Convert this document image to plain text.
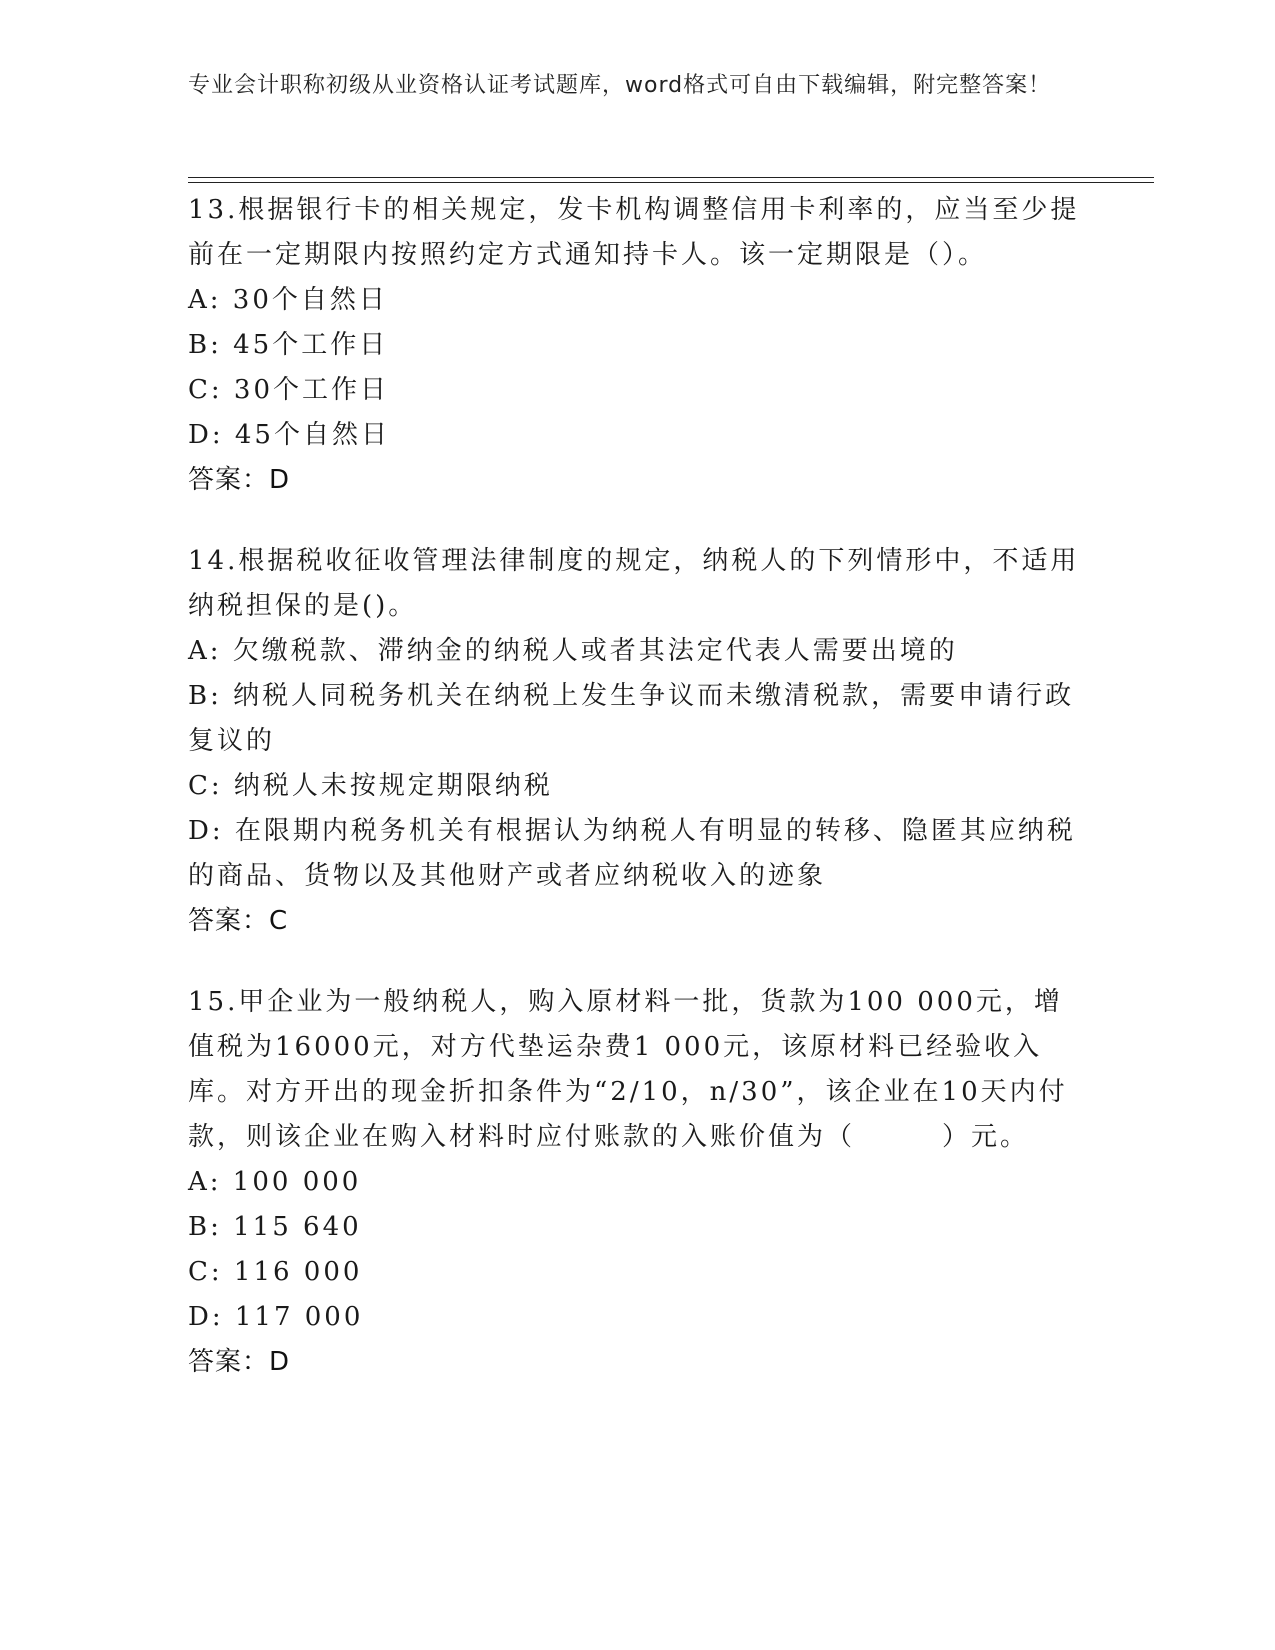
专业会计职称初级从业资格认证考试题库，word格式可自由下载编辑，附完整答案！
13.根据银行卡的相关规定，发卡机构调整信用卡利率的，应当至少提前在一定期限内按照约定方式通知持卡人。该一定期限是（）。
A: 30个自然日
B: 45个工作日
C: 30个工作日
D: 45个自然日
答案：D
14.根据税收征收管理法律制度的规定，纳税人的下列情形中，不适用纳税担保的是()。
A: 欠缴税款、滞纳金的纳税人或者其法定代表人需要出境的
B: 纳税人同税务机关在纳税上发生争议而未缴清税款，需要申请行政复议的
C: 纳税人未按规定期限纳税
D: 在限期内税务机关有根据认为纳税人有明显的转移、隐匿其应纳税的商品、货物以及其他财产或者应纳税收入的迹象
答案：C
15.甲企业为一般纳税人，购入原材料一批，货款为100 000元，增值税为16000元，对方代垫运杂费1 000元，该原材料已经验收入库。对方开出的现金折扣条件为“2/10，n/30”，该企业在10天内付款，则该企业在购入材料时应付账款的入账价值为（　　　）元。
A: 100 000
B: 115 640
C: 116 000
D: 117 000
答案：D
